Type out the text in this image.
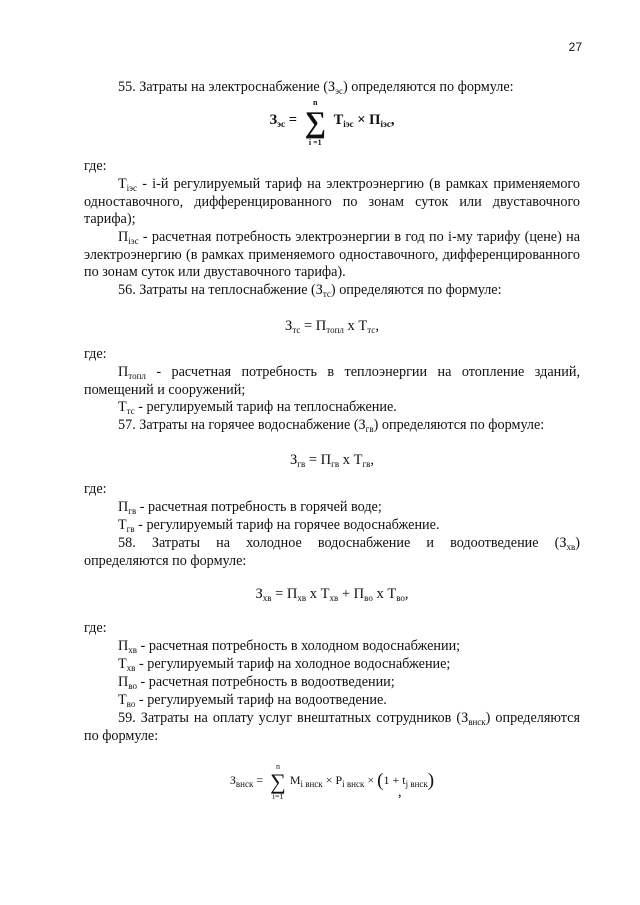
27

55. Затраты на электроснабжение $(З_{эс})$ определяются по формуле:

$З_{эс}$ = ∑
n
i =1
$T_{iэс} \times П_{iэс}$,

где:

$T_{iэс} - i-й$ регулируемый тариф на электроэнергию (в рамках применяемого одноставочного, дифференцированного по зонам суток или двуставочного тарифа);

$П_{iэс}$ - расчетная потребность электроэнергии в год по i-му тарифу (цене) на электроэнергию (в рамках применяемого одноставочного, дифференцированного по зонам суток или двуставочного тарифа).

56. Затраты на теплоснабжение $(З_{тс})$ определяются по формуле:

$З_{тс} = П_{топл}$ х $Т_{тс}$,

где:

$П_{топл}$ - расчетная потребность в теплоэнергии на отопление зданий, помещений и сооружений;

$Т_{тс}$ - регулируемый тариф на теплоснабжение.

57. Затраты на горячее водоснабжение $(З_{гв})$ определяются по формуле:

$З_{гв} = П_{гв}$ х $Т_{гв}$,

где:

$П_{гв}$ - расчетная потребность в горячей воде;

$Т_{гв}$ - регулируемый тариф на горячее водоснабжение.

58. Затраты на холодное водоснабжение и водоотведение $(З_{хв})$ определяются по формуле:

$З_{хв} = П_{хв}$ х $Т_{хв} + П_{во}$ х $Т_{во}$,

где:

$П_{хв}$ - расчетная потребность в холодном водоснабжении;

$Т_{хв}$ - регулируемый тариф на холодное водоснабжение;

$П_{во}$ - расчетная потребность в водоотведении;

$Т_{во}$ - регулируемый тариф на водоотведение.

59. Затраты на оплату услуг внештатных сотрудников $(З_{внск})$ определяются по формуле:

$З_{внск}$ = ∑
n
i=1
$M_{i внск} \times P_{i внск} \times (1 + t_{j внск})$

,
